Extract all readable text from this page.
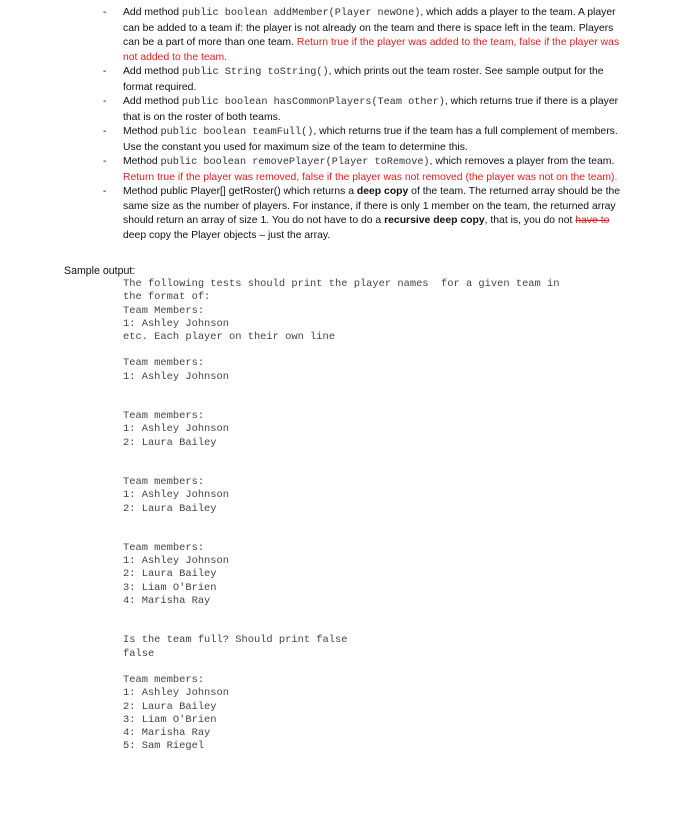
- Add method public boolean addMember(Player newOne), which adds a player to the team. A player can be added to a team if: the player is not already on the team and there is space left in the team. Players can be a part of more than one team. Return true if the player was added to the team, false if the player was not added to the team.
- Add method public String toString(), which prints out the team roster. See sample output for the format required.
- Add method public boolean hasCommonPlayers(Team other), which returns true if there is a player that is on the roster of both teams.
- Method public boolean teamFull(), which returns true if the team has a full complement of members. Use the constant you used for maximum size of the team to determine this.
- Method public boolean removePlayer(Player toRemove), which removes a player from the team. Return true if the player was removed, false if the player was not removed (the player was not on the team).
- Method public Player[] getRoster() which returns a deep copy of the team. The returned array should be the same size as the number of players. For instance, if there is only 1 member on the team, the returned array should return an array of size 1. You do not have to do a recursive deep copy, that is, you do not have to deep copy the Player objects – just the array.
Sample output:
The following tests should print the player names  for a given team in
the format of:
Team Members:
1: Ashley Johnson
etc. Each player on their own line
Team members:
1: Ashley Johnson
Team members:
1: Ashley Johnson
2: Laura Bailey
Team members:
1: Ashley Johnson
2: Laura Bailey
Team members:
1: Ashley Johnson
2: Laura Bailey
3: Liam O'Brien
4: Marisha Ray
Is the team full? Should print false
false
Team members:
1: Ashley Johnson
2: Laura Bailey
3: Liam O'Brien
4: Marisha Ray
5: Sam Riegel
